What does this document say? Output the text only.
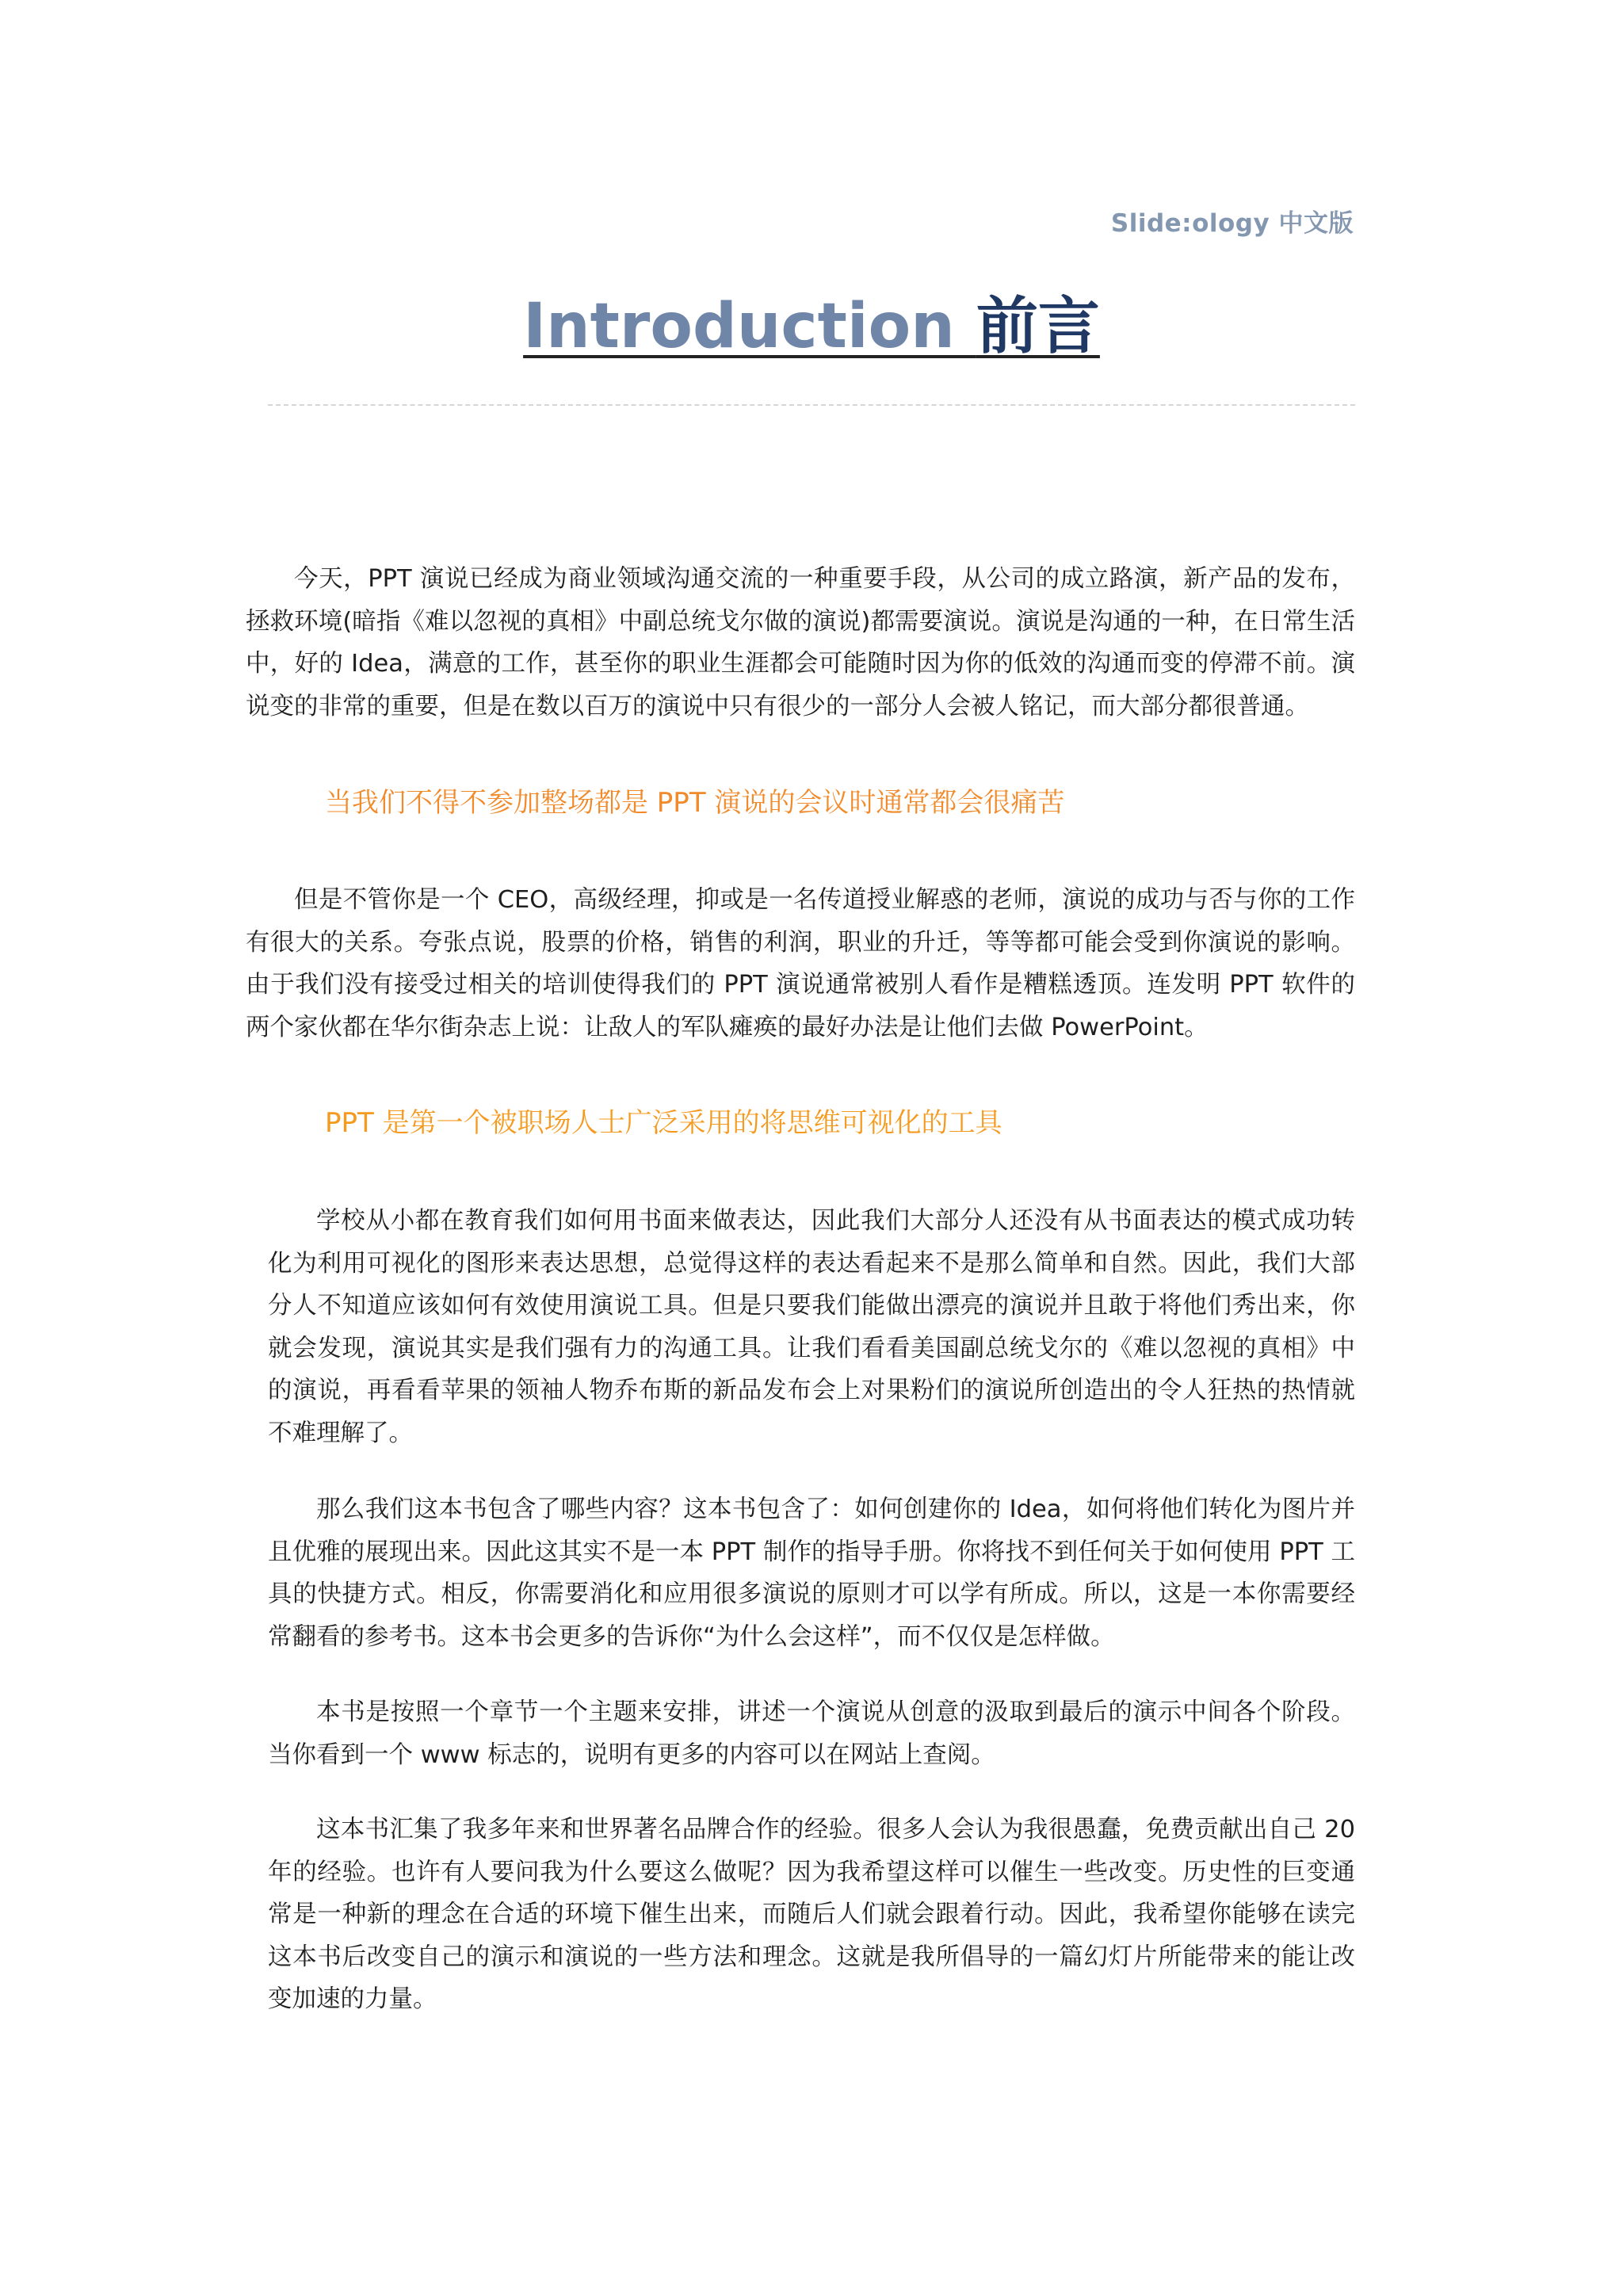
Slide:ology 中文版
Introduction 前言

今天，PPT 演说已经成为商业领域沟通交流的一种重要手段，从公司的成立路演，新产品的发布，拯救环境(暗指《难以忽视的真相》中副总统戈尔做的演说)都需要演说。演说是沟通的一种，在日常生活中，好的 Idea，满意的工作，甚至你的职业生涯都会可能随时因为你的低效的沟通而变的停滞不前。演说变的非常的重要，但是在数以百万的演说中只有很少的一部分人会被人铭记，而大部分都很普通。

当我们不得不参加整场都是 PPT 演说的会议时通常都会很痛苦

但是不管你是一个 CEO，高级经理，抑或是一名传道授业解惑的老师，演说的成功与否与你的工作有很大的关系。夸张点说，股票的价格，销售的利润，职业的升迁，等等都可能会受到你演说的影响。由于我们没有接受过相关的培训使得我们的 PPT 演说通常被别人看作是糟糕透顶。连发明 PPT 软件的两个家伙都在华尔街杂志上说：让敌人的军队瘫痪的最好办法是让他们去做 PowerPoint。

PPT 是第一个被职场人士广泛采用的将思维可视化的工具

学校从小都在教育我们如何用书面来做表达，因此我们大部分人还没有从书面表达的模式成功转化为利用可视化的图形来表达思想，总觉得这样的表达看起来不是那么简单和自然。因此，我们大部分人不知道应该如何有效使用演说工具。但是只要我们能做出漂亮的演说并且敢于将他们秀出来，你就会发现，演说其实是我们强有力的沟通工具。让我们看看美国副总统戈尔的《难以忽视的真相》中的演说，再看看苹果的领袖人物乔布斯的新品发布会上对果粉们的演说所创造出的令人狂热的热情就不难理解了。

那么我们这本书包含了哪些内容？这本书包含了：如何创建你的 Idea，如何将他们转化为图片并且优雅的展现出来。因此这其实不是一本 PPT 制作的指导手册。你将找不到任何关于如何使用 PPT 工具的快捷方式。相反，你需要消化和应用很多演说的原则才可以学有所成。所以，这是一本你需要经常翻看的参考书。这本书会更多的告诉你“为什么会这样”，而不仅仅是怎样做。

本书是按照一个章节一个主题来安排，讲述一个演说从创意的汲取到最后的演示中间各个阶段。当你看到一个 www 标志的，说明有更多的内容可以在网站上查阅。

这本书汇集了我多年来和世界著名品牌合作的经验。很多人会认为我很愚蠢，免费贡献出自己 20 年的经验。也许有人要问我为什么要这么做呢？因为我希望这样可以催生一些改变。历史性的巨变通常是一种新的理念在合适的环境下催生出来，而随后人们就会跟着行动。因此，我希望你能够在读完这本书后改变自己的演示和演说的一些方法和理念。这就是我所倡导的一篇幻灯片所能带来的能让改变加速的力量。
